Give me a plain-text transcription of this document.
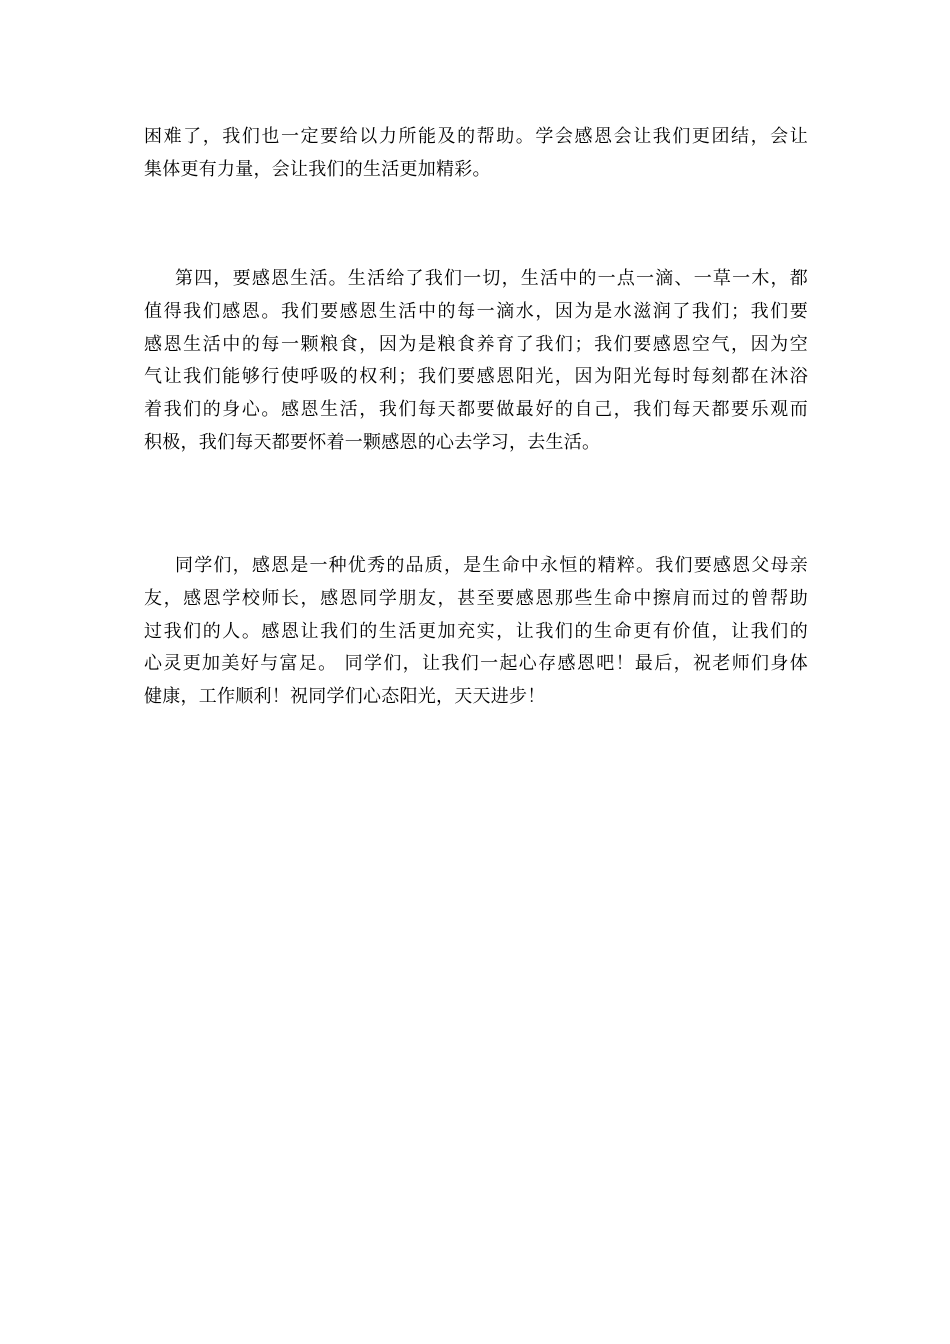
困难了，我们也一定要给以力所能及的帮助。学会感恩会让我们更团结，会让
集体更有力量，会让我们的生活更加精彩。

第四，要感恩生活。生活给了我们一切，生活中的一点一滴、一草一木，都
值得我们感恩。我们要感恩生活中的每一滴水，因为是水滋润了我们；我们要
感恩生活中的每一颗粮食，因为是粮食养育了我们；我们要感恩空气，因为空
气让我们能够行使呼吸的权利；我们要感恩阳光，因为阳光每时每刻都在沐浴
着我们的身心。感恩生活，我们每天都要做最好的自己，我们每天都要乐观而
积极，我们每天都要怀着一颗感恩的心去学习，去生活。

同学们，感恩是一种优秀的品质，是生命中永恒的精粹。我们要感恩父母亲
友，感恩学校师长，感恩同学朋友，甚至要感恩那些生命中擦肩而过的曾帮助
过我们的人。感恩让我们的生活更加充实，让我们的生命更有价值，让我们的
心灵更加美好与富足。 同学们，让我们一起心存感恩吧！最后，祝老师们身体
健康，工作顺利！祝同学们心态阳光，天天进步！
